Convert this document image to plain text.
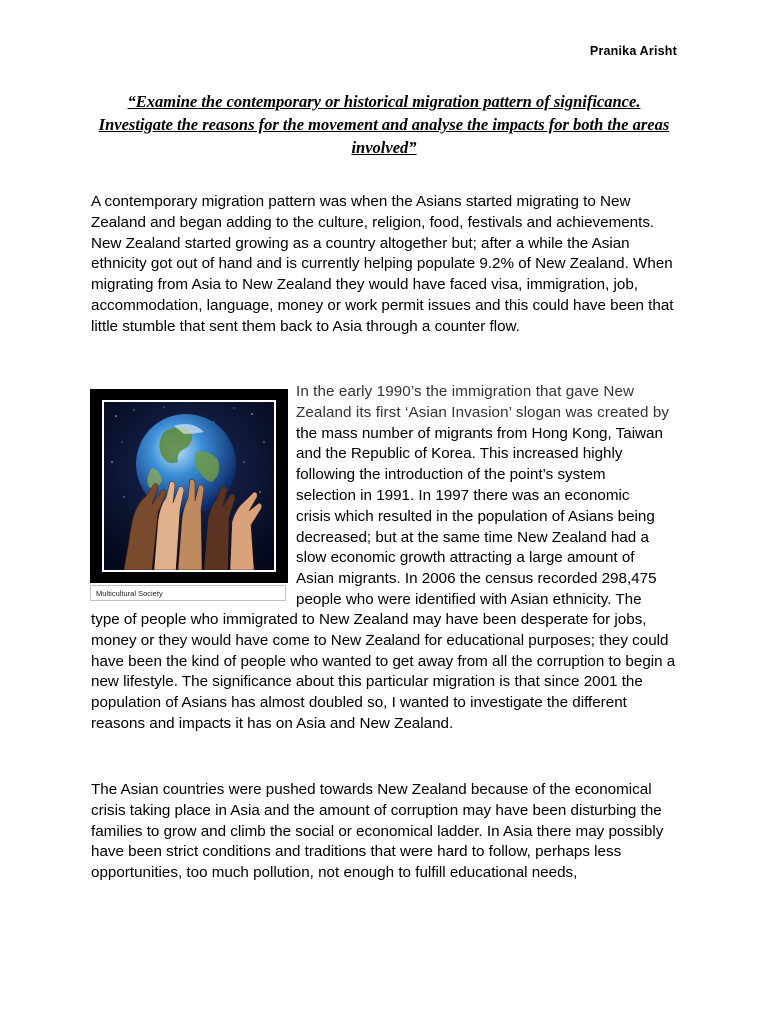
Pranika Arisht
“Examine the contemporary or historical migration pattern of significance. Investigate the reasons for the movement and analyse the impacts for both the areas involved”
A contemporary migration pattern was when the Asians started migrating to New Zealand and began adding to the culture, religion, food, festivals and achievements. New Zealand started growing as a country altogether but; after a while the Asian ethnicity got out of hand and is currently helping populate 9.2% of New Zealand. When migrating from Asia to New Zealand they would have faced visa, immigration, job, accommodation, language, money or work permit issues and this could have been that little stumble that sent them back to Asia through a counter flow.
Multicultural Society
In the early 1990’s the immigration that gave New
Zealand its first ‘Asian Invasion’ slogan was created by
the mass number of migrants from Hong Kong, Taiwan
and the Republic of Korea. This increased highly
following the introduction of the point’s system
selection in 1991. In 1997 there was an economic
crisis which resulted in the population of Asians being
decreased; but at the same time New Zealand had a
slow economic growth attracting a large amount of
Asian migrants. In 2006 the census recorded 298,475
people who were identified with Asian ethnicity. The
type of people who immigrated to New Zealand may have been desperate for jobs, money or they would have come to New Zealand for educational purposes; they could have been the kind of people who wanted to get away from all the corruption to begin a new lifestyle. The significance about this particular migration is that since 2001 the population of Asians has almost doubled so, I wanted to investigate the different reasons and impacts it has on Asia and New Zealand.
The Asian countries were pushed towards New Zealand because of the economical crisis taking place in Asia and the amount of corruption may have been disturbing the families to grow and climb the social or economical ladder. In Asia there may possibly have been strict conditions and traditions that were hard to follow, perhaps less opportunities, too much pollution, not enough to fulfill educational needs,
